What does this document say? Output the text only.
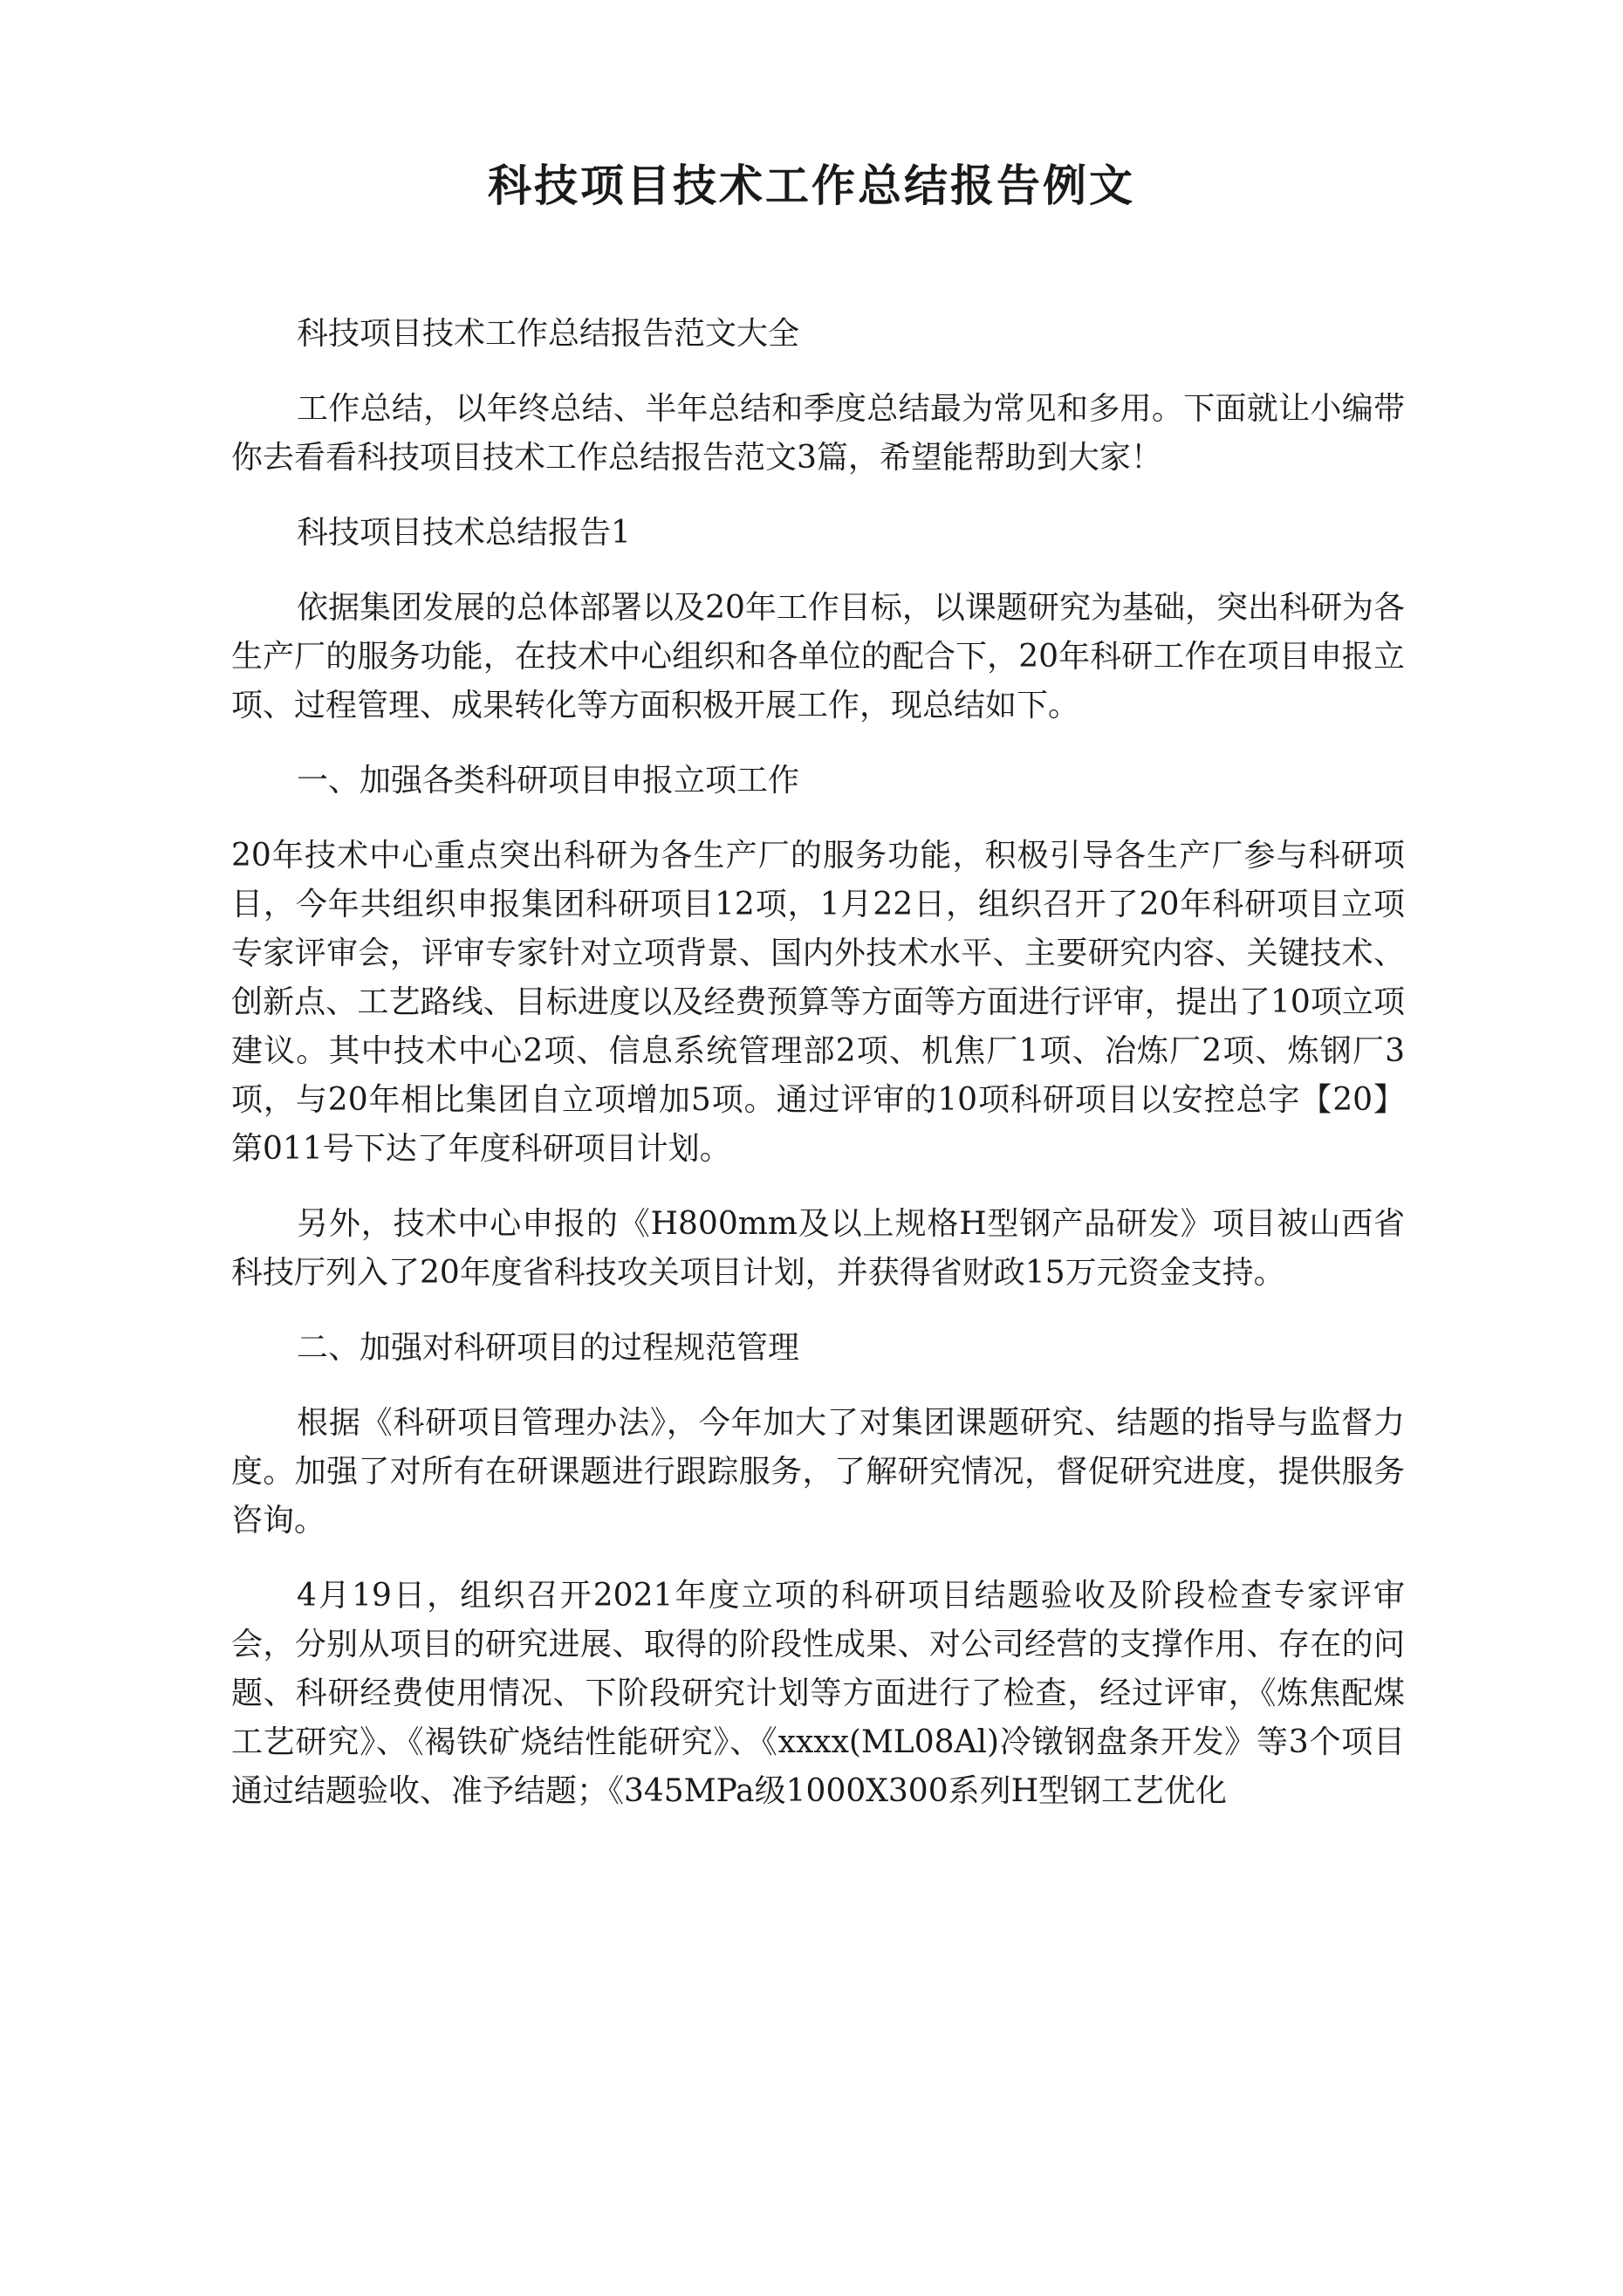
科技项目技术工作总结报告例文

科技项目技术工作总结报告范文大全

工作总结，以年终总结、半年总结和季度总结最为常见和多用。下面就让小编带你去看看科技项目技术工作总结报告范文3篇，希望能帮助到大家！

科技项目技术总结报告1

依据集团发展的总体部署以及20年工作目标，以课题研究为基础，突出科研为各生产厂的服务功能，在技术中心组织和各单位的配合下，20年科研工作在项目申报立项、过程管理、成果转化等方面积极开展工作，现总结如下。

一、加强各类科研项目申报立项工作

20年技术中心重点突出科研为各生产厂的服务功能，积极引导各生产厂参与科研项目，今年共组织申报集团科研项目12项，1月22日，组织召开了20年科研项目立项专家评审会，评审专家针对立项背景、国内外技术水平、主要研究内容、关键技术、创新点、工艺路线、目标进度以及经费预算等方面等方面进行评审，提出了10项立项建议。其中技术中心2项、信息系统管理部2项、机焦厂1项、冶炼厂2项、炼钢厂3项，与20年相比集团自立项增加5项。通过评审的10项科研项目以安控总字【20】第011号下达了年度科研项目计划。

另外，技术中心申报的《H800mm及以上规格H型钢产品研发》项目被山西省科技厅列入了20年度省科技攻关项目计划，并获得省财政15万元资金支持。

二、加强对科研项目的过程规范管理

根据《科研项目管理办法》，今年加大了对集团课题研究、结题的指导与监督力度。加强了对所有在研课题进行跟踪服务，了解研究情况，督促研究进度，提供服务咨询。

4月19日，组织召开2021年度立项的科研项目结题验收及阶段检查专家评审会，分别从项目的研究进展、取得的阶段性成果、对公司经营的支撑作用、存在的问题、科研经费使用情况、下阶段研究计划等方面进行了检查，经过评审，《炼焦配煤工艺研究》、《褐铁矿烧结性能研究》、《xxxx(ML08Al)冷镦钢盘条开发》等3个项目通过结题验收、准予结题；《345MPa级1000X300系列H型钢工艺优化
